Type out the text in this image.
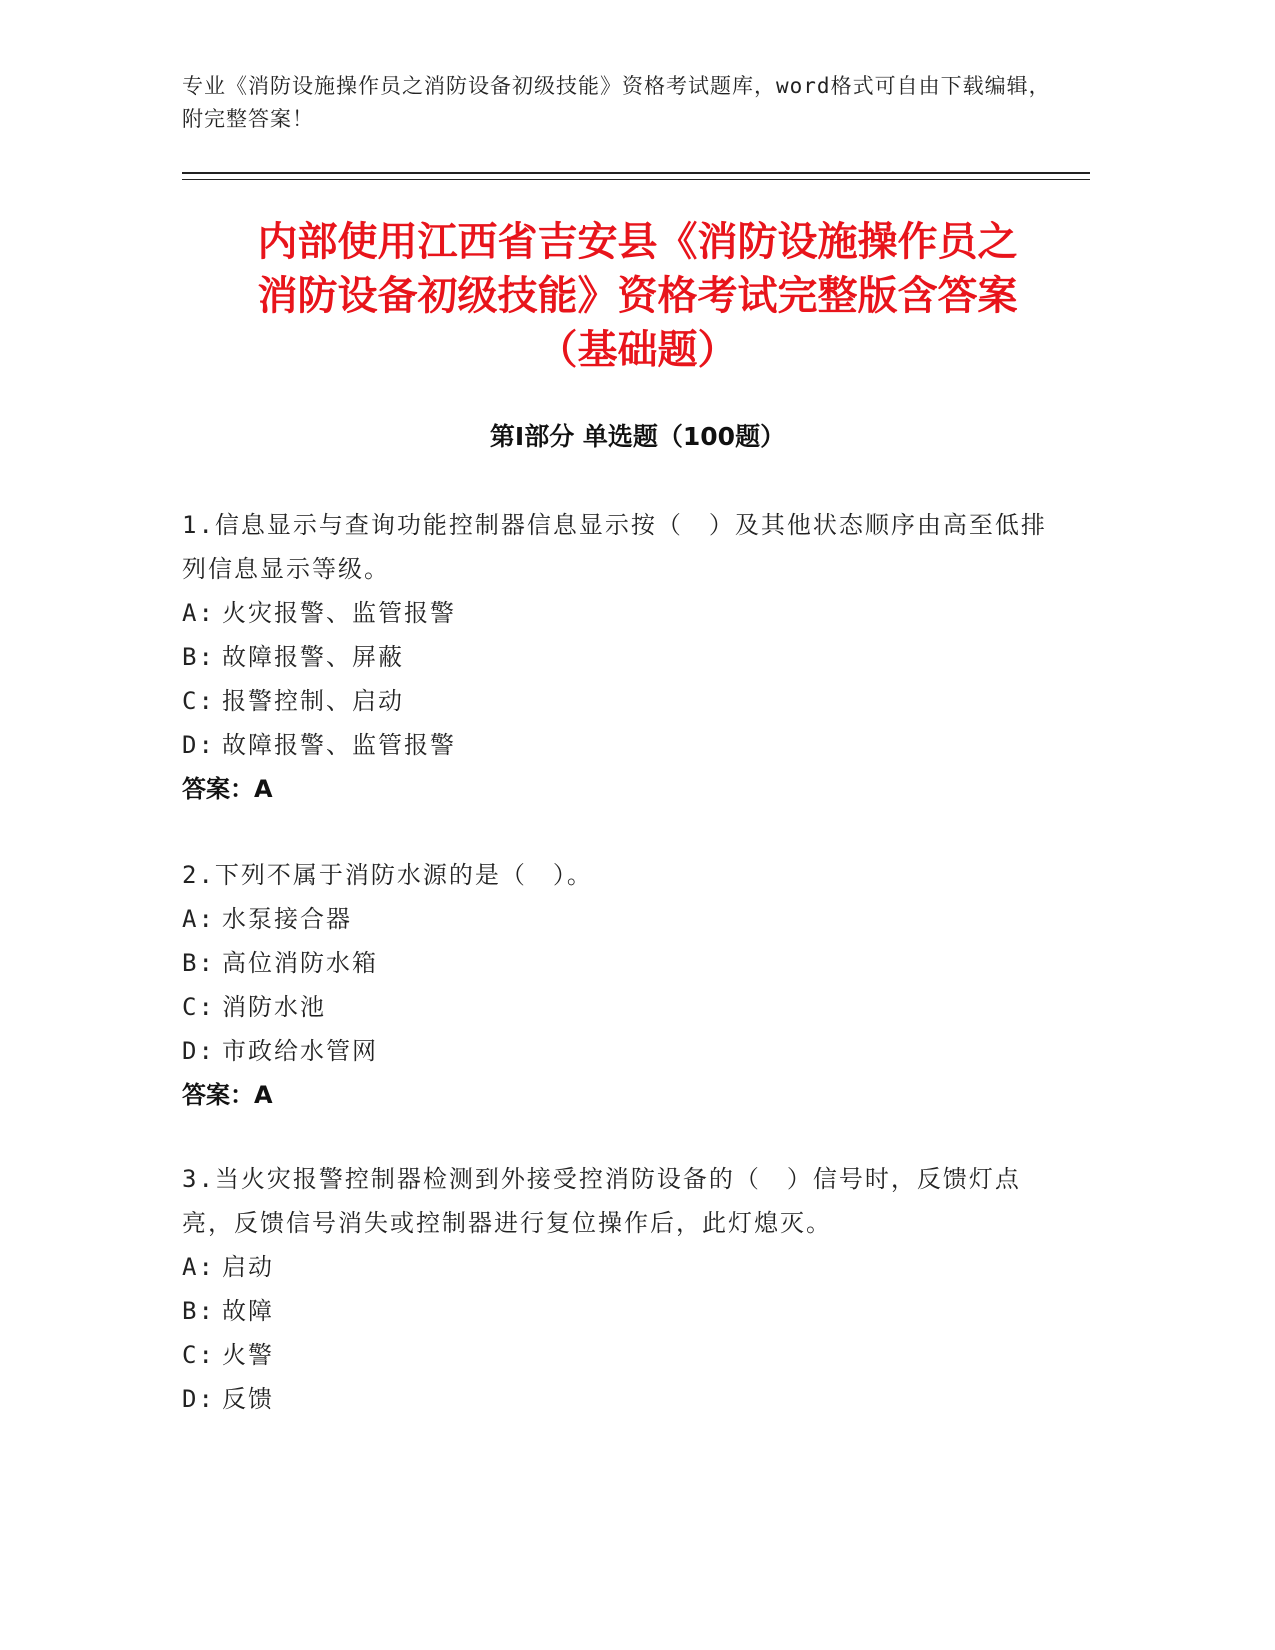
专业《消防设施操作员之消防设备初级技能》资格考试题库，word格式可自由下载编辑，附完整答案！
内部使用江西省吉安县《消防设施操作员之
消防设备初级技能》资格考试完整版含答案
（基础题）
第Ⅰ部分 单选题（100题）
1.信息显示与查询功能控制器信息显示按（　）及其他状态顺序由高至低排列信息显示等级。
A: 火灾报警、监管报警
B: 故障报警、屏蔽
C: 报警控制、启动
D: 故障报警、监管报警
答案：A
2.下列不属于消防水源的是（　）。
A: 水泵接合器
B: 高位消防水箱
C: 消防水池
D: 市政给水管网
答案：A
3.当火灾报警控制器检测到外接受控消防设备的（　）信号时，反馈灯点亮，反馈信号消失或控制器进行复位操作后，此灯熄灭。
A: 启动
B: 故障
C: 火警
D: 反馈
